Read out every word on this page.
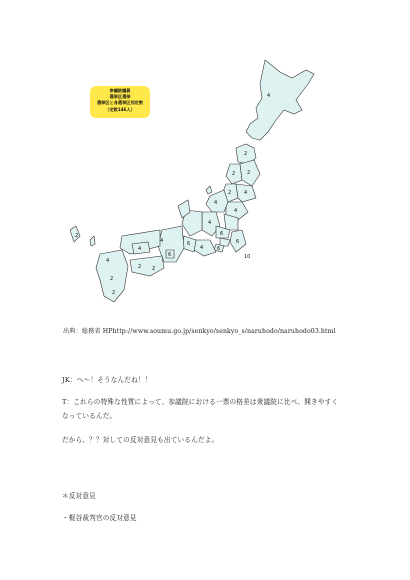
4
2
10
2
2
4
2
2
4
4
4
6
6
6
4
6
6
4
4
4
2
2
2 2
参議院議員
選挙区選挙
選挙区と各選挙区別定数
（定数146人）
出典：総務省 HPhttp://www.soumu.go.jp/senkyo/senkyo_s/naruhodo/naruhodo03.html
JK：へ～！そうなんだね！！
T：これらの特殊な性質によって、参議院における一票の格差は衆議院に比べ、開きやすく
なっているんだ。
だから、？？対しての反対意見も出ているんだよ。
＊反対意見
・梶谷裁判官の反対意見
